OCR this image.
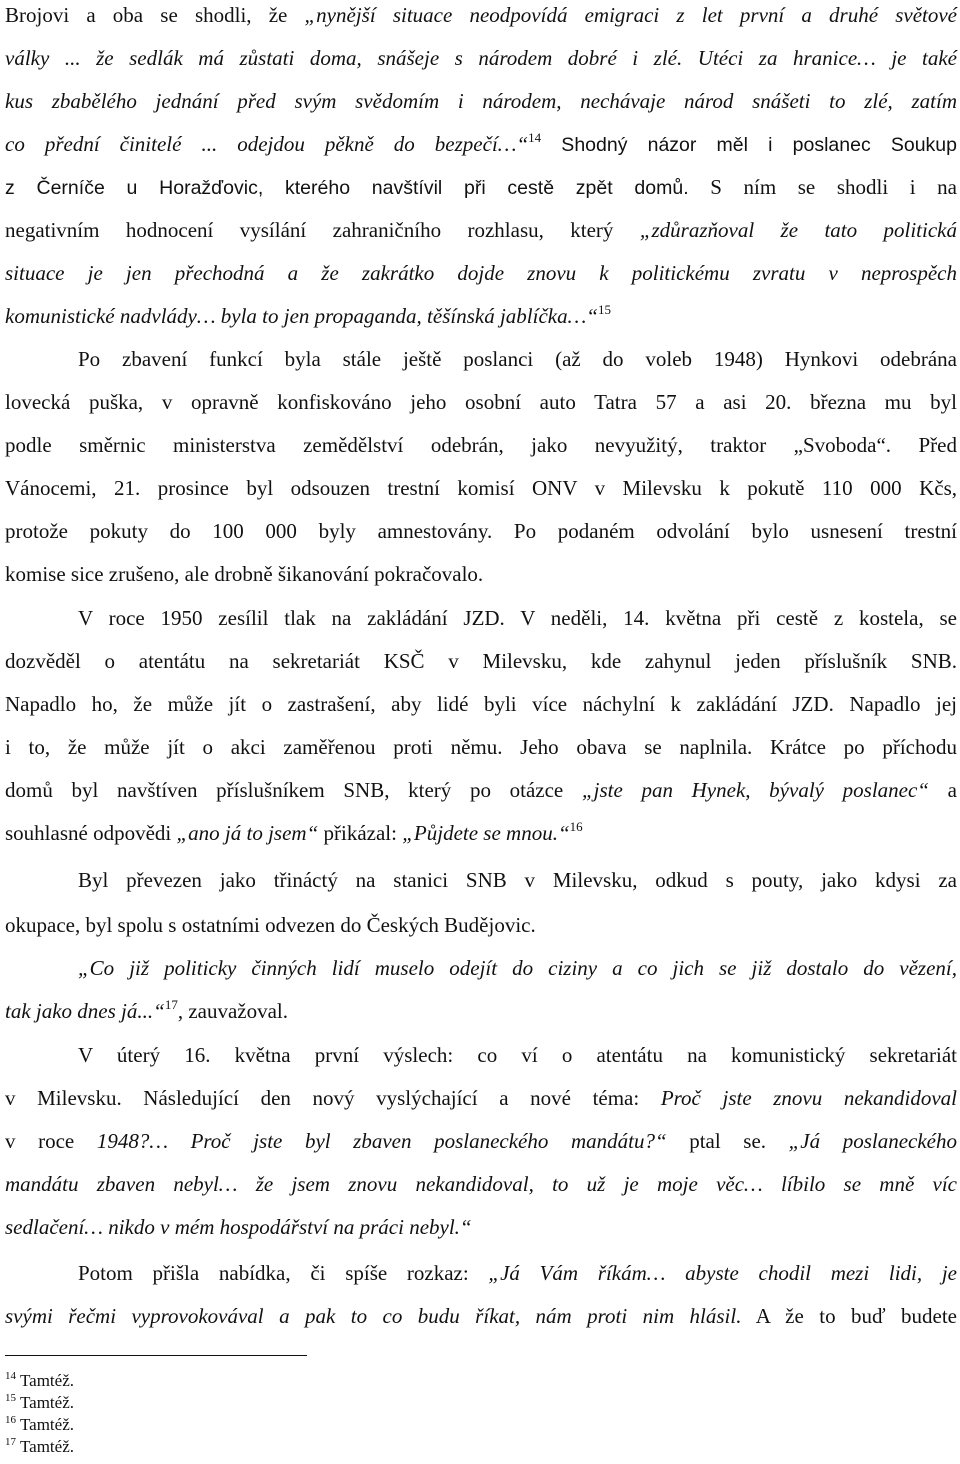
Brojovi a oba se shodli, že „nynější situace neodpovídá emigraci z let první a druhé světové
války ... že sedlák má zůstati doma, snášeje s národem dobré i zlé. Utéci za hranice… je také
kus zbabělého jednání před svým svědomím i národem, nechávaje národ snášeti to zlé, zatím
co přední činitelé ... odejdou pěkně do bezpečí…“$^{14}$ Shodný názor měl i poslanec Soukup
z Černíče u Horažďovic, kterého navštívil při cestě zpět domů. S ním se shodli i na
negativním hodnocení vysílání zahraničního rozhlasu, který „zdůrazňoval že tato politická
situace je jen přechodná a že zakrátko dojde znovu k politickému zvratu v neprospěch
komunistické nadvlády… byla to jen propaganda, těšínská jablíčka…“$^{15}$
Po zbavení funkcí byla stále ještě poslanci (až do voleb 1948) Hynkovi odebrána
lovecká puška, v opravně konfiskováno jeho osobní auto Tatra 57 a asi 20. března mu byl
podle směrnic ministerstva zemědělství odebrán, jako nevyužitý, traktor „Svoboda“. Před
Vánocemi, 21. prosince byl odsouzen trestní komisí ONV v Milevsku k pokutě 110 000 Kčs,
protože pokuty do 100 000 byly amnestovány. Po podaném odvolání bylo usnesení trestní
komise sice zrušeno, ale drobně šikanování pokračovalo.
V roce 1950 zesílil tlak na zakládání JZD. V neděli, 14. května při cestě z kostela, se
dozvěděl o atentátu na sekretariát KSČ v Milevsku, kde zahynul jeden příslušník SNB.
Napadlo ho, že může jít o zastrašení, aby lidé byli více náchylní k zakládání JZD. Napadlo jej
i to, že může jít o akci zaměřenou proti němu. Jeho obava se naplnila. Krátce po příchodu
domů byl navštíven příslušníkem SNB, který po otázce „jste pan Hynek, bývalý poslanec“ a
souhlasné odpovědi „ano já to jsem“ přikázal: „Půjdete se mnou.“$^{16}$
Byl převezen jako třináctý na stanici SNB v Milevsku, odkud s pouty, jako kdysi za
okupace, byl spolu s ostatními odvezen do Českých Budějovic.
„Co již politicky činných lidí muselo odejít do ciziny a co jich se již dostalo do vězení,
tak jako dnes já...“$^{17}$, zauvažoval.
V úterý 16. května první výslech: co ví o atentátu na komunistický sekretariát
v Milevsku. Následující den nový vyslýchající a nové téma: Proč jste znovu nekandidoval
v roce 1948?… Proč jste byl zbaven poslaneckého mandátu?“ ptal se. „Já poslaneckého
mandátu zbaven nebyl… že jsem znovu nekandidoval, to už je moje věc… líbilo se mně víc
sedlačení… nikdo v mém hospodářství na práci nebyl.“
Potom přišla nabídka, či spíše rozkaz: „Já Vám říkám… abyste chodil mezi lidi, je
svými řečmi vyprovokovával a pak to co budu říkat, nám proti nim hlásil. A že to buď budete
$^{14}$ Tamtéž.
$^{15}$ Tamtéž.
$^{16}$ Tamtéž.
$^{17}$ Tamtéž.
